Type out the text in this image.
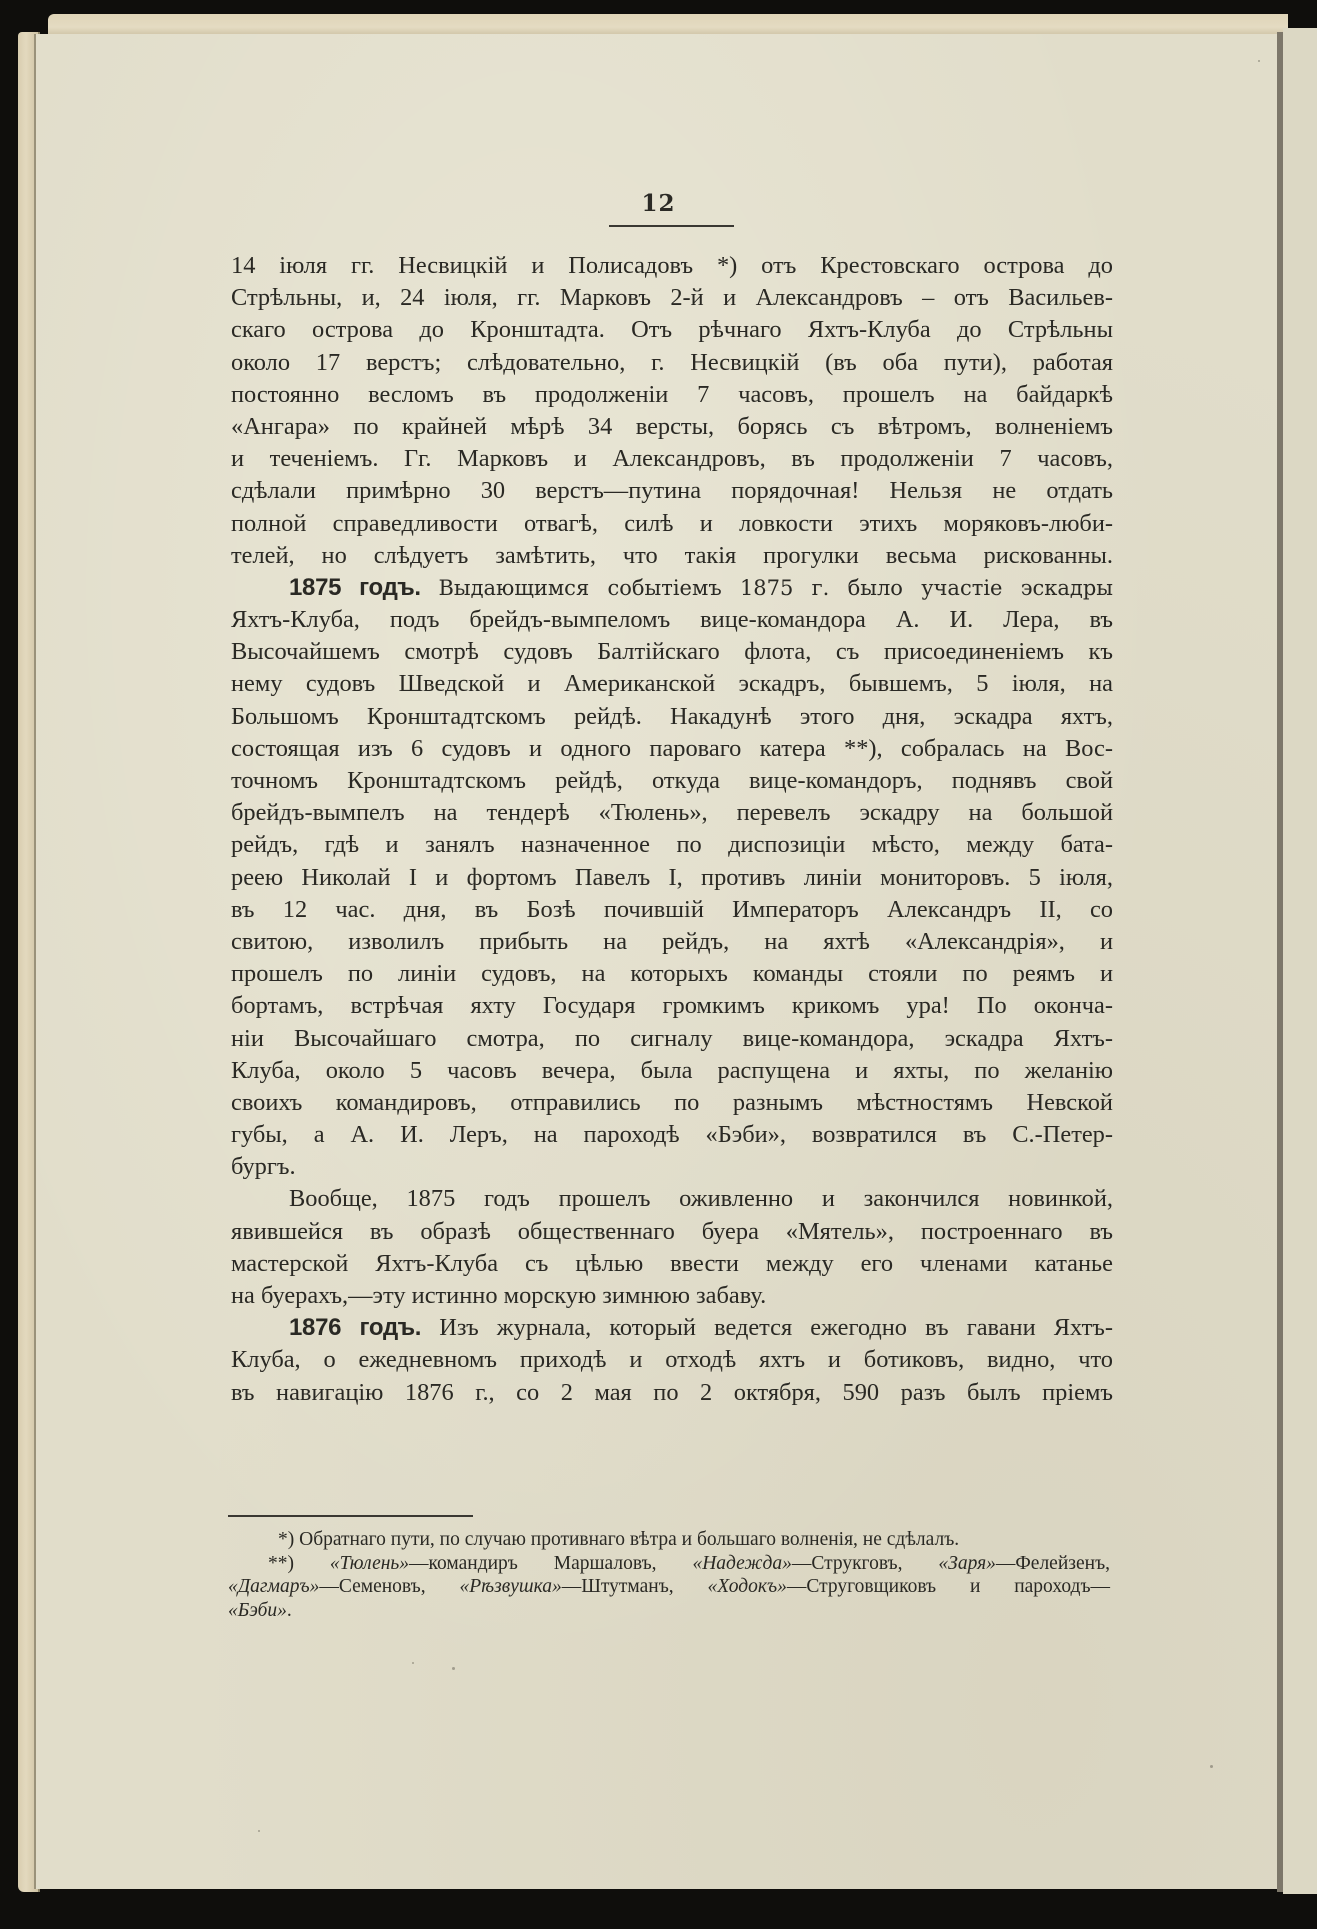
12
14 іюля гг. Несвицкій и Полисадовъ *) отъ Крестовскаго острова до
Стрѣльны, и, 24 іюля, гг. Марковъ 2-й и Александровъ – отъ Васильев-
скаго острова до Кронштадта. Отъ рѣчнаго Яхтъ-Клуба до Стрѣльны
около 17 верстъ; слѣдовательно, г. Несвицкій (въ оба пути), работая
постоянно весломъ въ продолженіи 7 часовъ, прошелъ на байдаркѣ
«Ангара» по крайней мѣрѣ 34 версты, борясь съ вѣтромъ, волненіемъ
и теченіемъ. Гг. Марковъ и Александровъ, въ продолженіи 7 часовъ,
сдѣлали примѣрно 30 верстъ—путина порядочная! Нельзя не отдать
полной справедливости отвагѣ, силѣ и ловкости этихъ моряковъ-люби-
телей, но слѣдуетъ замѣтить, что такія прогулки весьма рискованны.
1875 годъ. Выдающимся событіемъ 1875 г. было участіе эскадры
Яхтъ-Клуба, подъ брейдъ-вымпеломъ вице-командора А. И. Лера, въ
Высочайшемъ смотрѣ судовъ Балтійскаго флота, съ присоединеніемъ къ
нему судовъ Шведской и Американской эскадръ, бывшемъ, 5 іюля, на
Большомъ Кронштадтскомъ рейдѣ. Накадунѣ этого дня, эскадра яхтъ,
состоящая изъ 6 судовъ и одного пароваго катера **), собралась на Вос-
точномъ Кронштадтскомъ рейдѣ, откуда вице-командоръ, поднявъ свой
брейдъ-вымпелъ на тендерѣ «Тюлень», перевелъ эскадру на большой
рейдъ, гдѣ и занялъ назначенное по диспозиціи мѣсто, между бата-
реею Николай I и фортомъ Павелъ I, противъ линіи мониторовъ. 5 іюля,
въ 12 час. дня, въ Бозѣ почившій Императоръ Александръ II, со
свитою, изволилъ прибыть на рейдъ, на яхтѣ «Александрія», и
прошелъ по линіи судовъ, на которыхъ команды стояли по реямъ и
бортамъ, встрѣчая яхту Государя громкимъ крикомъ ура! По оконча-
ніи Высочайшаго смотра, по сигналу вице-командора, эскадра Яхтъ-
Клуба, около 5 часовъ вечера, была распущена и яхты, по желанію
своихъ командировъ, отправились по разнымъ мѣстностямъ Невской
губы, а А. И. Леръ, на пароходѣ «Бэби», возвратился въ С.-Петер-
бургъ.
Вообще, 1875 годъ прошелъ оживленно и закончился новинкой,
явившейся въ образѣ общественнаго буера «Мятель», построеннаго въ
мастерской Яхтъ-Клуба съ цѣлью ввести между его членами катанье
на буерахъ,—эту истинно морскую зимнюю забаву.
1876 годъ. Изъ журнала, который ведется ежегодно въ гавани Яхтъ-
Клуба, о ежедневномъ приходѣ и отходѣ яхтъ и ботиковъ, видно, что
въ навигацію 1876 г., со 2 мая по 2 октября, 590 разъ былъ пріемъ
*) Обратнаго пути, по случаю противнаго вѣтра и большаго волненія, не сдѣлалъ.
**) «Тюлень»—командиръ Маршаловъ, «Надежда»—Струкговъ, «Заря»—Фелейзенъ,
«Дагмаръ»—Семеновъ, «Рѣзвушка»—Штутманъ, «Ходокъ»—Струговщиковъ и пароходъ—
«Бэби».
